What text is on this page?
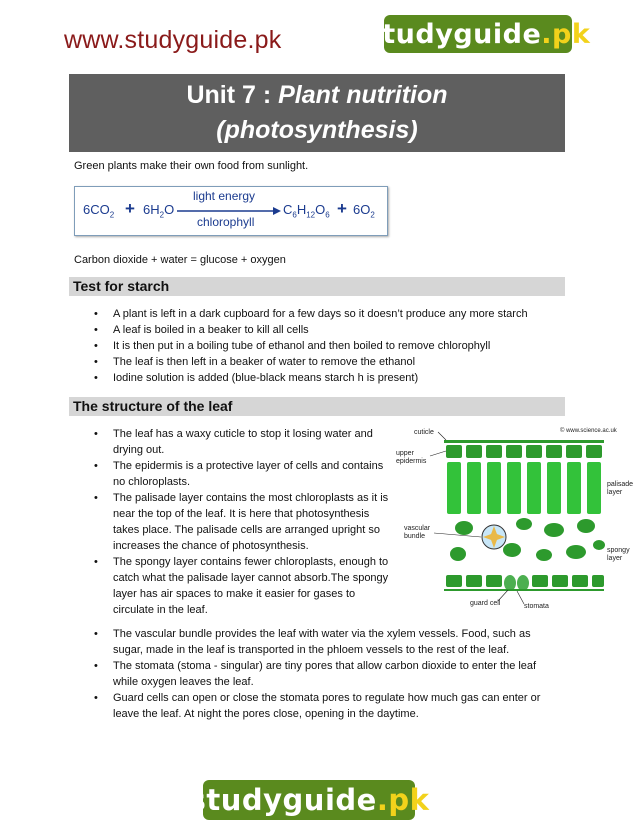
www.studyguide.pk	studyguide .pk
Unit 7 : Plant nutrition
(photosynthesis)
Green plants make their own food from sunlight.
$6CO_2 + 6H_2O$
light energy
chlorophyll
$C_6H_{12}O_6 + 6O_2$
Carbon dioxide + water = glucose + oxygen
Test for starch
• A plant is left in a dark cupboard for a few days so it doesn’t produce any more starch
• A leaf is boiled in a beaker to kill all cells
• It is then put in a boiling tube of ethanol and then boiled to remove chlorophyll
• The leaf is then left in a beaker of water to remove the ethanol
• Iodine solution is added (blue-black means starch h is present)
The structure of the leaf
• The leaf has a waxy cuticle to stop it losing water and drying out.
• The epidermis is a protective layer of cells and contains no chloroplasts.
• The palisade layer contains the most chloroplasts as it is near the top of the leaf. It is here that photosynthesis takes place. The palisade cells are arranged upright so increases the chance of photosynthesis.
• The spongy layer contains fewer chloroplasts, enough to catch what the palisade layer cannot absorb.The spongy layer has air spaces to make it easier for gases to circulate in the leaf.
• The vascular bundle provides the leaf with water via the xylem vessels. Food, such as sugar, made in the leaf is transported in the phloem vessels to the rest of the leaf.
• The stomata (stoma - singular) are tiny pores that allow carbon dioxide to enter the leaf while oxygen leaves the leaf.
• Guard cells can open or close the stomata pores to regulate how much gas can enter or leave the leaf. At night the pores close, opening in the daytime.
© www.science.ac.uk
cuticle
upper
epidermis
palisade
layer
vascular
bundle
spongy
layer
guard cell	stomata
studyguide .pk
